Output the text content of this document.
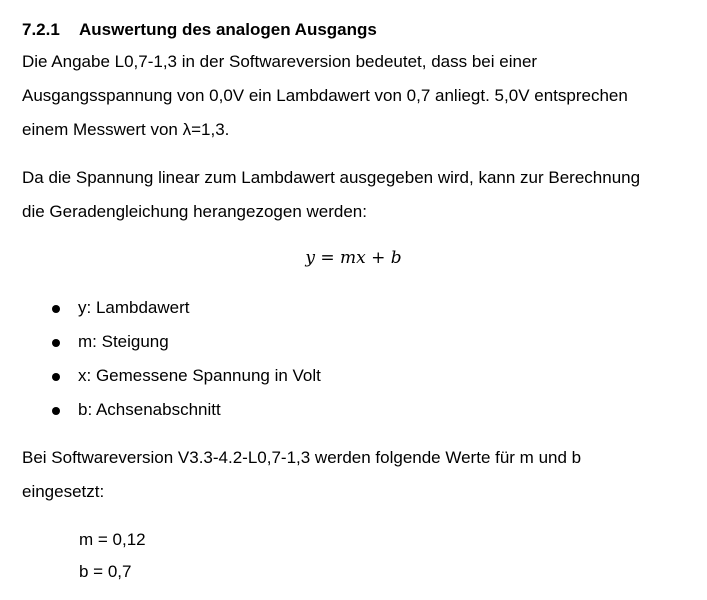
7.2.1 Auswertung des analogen Ausgangs
Die Angabe L0,7-1,3 in der Softwareversion bedeutet, dass bei einer
Ausgangsspannung von 0,0V ein Lambdawert von 0,7 anliegt. 5,0V entsprechen
einem Messwert von λ=1,3.
Da die Spannung linear zum Lambdawert ausgegeben wird, kann zur Berechnung
die Geradengleichung herangezogen werden:
y = mx + b
y: Lambdawert
m: Steigung
x: Gemessene Spannung in Volt
b: Achsenabschnitt
Bei Softwareversion V3.3-4.2-L0,7-1,3 werden folgende Werte für m und b
eingesetzt:
m = 0,12
b = 0,7
